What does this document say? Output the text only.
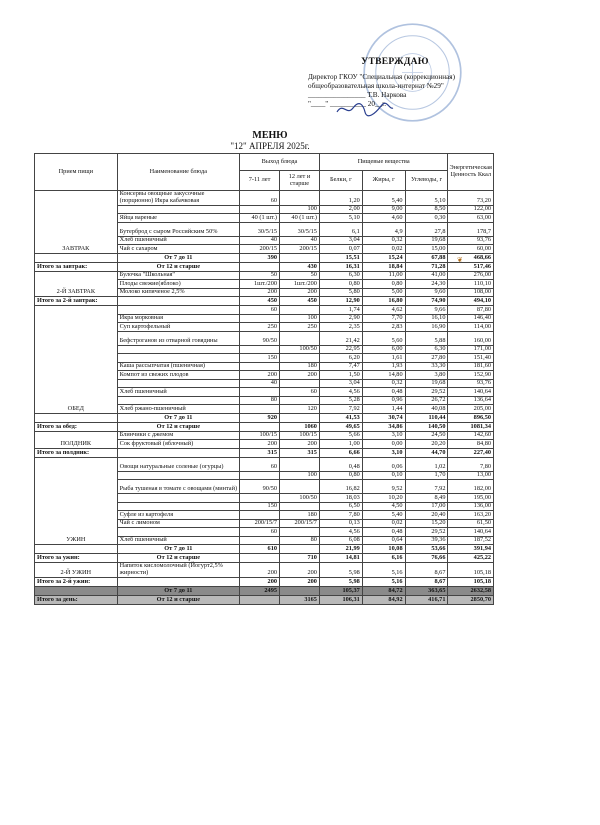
УТВЕРЖДАЮ
Директор ГКОУ "Специальная (коррекционная)
общеобразовательная школа-интернат №29"
________________ Т.В. Наркова
"____" __________ 20__г.
МЕНЮ
"12" АПРЕЛЯ 2025г.
❦
Прием пищи	Наименование блюда	Выход блюда		Пищевые вещества			Энергетическая Ценность Ккал
		7-11 лет	12 лет и старше	Белки, г	Жиры, г	Углеводы, г	
ЗАВТРАК	Консервы овощные закусочные (порционно) Икра кабачковая	60		1,20	5,40	5,10	73,20
			100	2,00	9,00	8,50	122,00
	Яйца вареные	40 (1 шт.)	40 (1 шт.)	5,10	4,60	0,30	63,00
	Бутерброд с сыром Российским 50%	30/5/15	30/5/15	6,1	4,9	27,8	178,7
	Хлеб пшеничный	40	40	3,04	0,32	19,68	93,76
	Чай с сахаром	200/15	200/15	0,07	0,02	15,00	60,00
	От 7 до 11	390		15,51	15,24	67,88	468,66
Итого за завтрак:	От 12 и старше		430	16,31	18,84	71,28	517,46
2-Й ЗАВТРАК	Булочка "Школьная"	50	50	6,30	11,00	41,00	276,00
	Плоды свежие(яблоко)	1шт./200	1шт./200	0,80	0,80	24,30	110,10
	Молоко кипяченое 2,5%	200	200	5,80	5,00	9,60	108,00
Итого за 2-й завтрак:		450	450	12,90	16,80	74,90	494,10
ОБЕД		60		1,74	4,62	9,66	87,80
	Икра морковная		100	2,90	7,70	16,10	146,40
	Суп картофельный	250	250	2,35	2,83	16,90	114,00
	Бефстроганов из отварной говядины	90/50		21,42	5,60	5,88	160,00
			100/50	22,95	6,00	6,30	171,00
		150		6,20	1,61	27,80	151,40
	Каша рассыпчатая (пшеничная)		180	7,47	1,93	33,30	181,60
	Компот из свежих плодов	200	200	1,50	14,80	3,80	152,90
		40		3,04	0,32	19,68	93,76
	Хлеб пшеничный		60	4,56	0,48	29,52	140,64
		80		5,28	0,96	26,72	136,64
	Хлеб ржано-пшеничный		120	7,92	1,44	40,08	205,00
	От 7 до 11	920		41,53	30,74	110,44	896,50
Итого за обед:	От 12 и старше		1060	49,65	34,86	140,50	1081,34
ПОЛДНИК	Блинчики с джемом	100/15	100/15	5,66	3,10	24,50	142,60
	Сок фруктовый (яблочный)	200	200	1,00	0,00	20,20	84,80
Итого за полдник:		315	315	6,66	3,10	44,70	227,40
УЖИН	Овощи натуральные соленые (огурцы)	60		0,48	0,06	1,02	7,80
			100	0,80	0,10	1,70	13,00
	Рыба тушеная в томате с овощами (минтай)	90/50		16,82	9,52	7,92	182,00
			100/50	18,03	10,20	8,49	195,00
		150		6,50	4,50	17,00	136,00
	Суфле из картофеля		180	7,80	5,40	20,40	163,20
	Чай с лимоном	200/15/7	200/15/7	0,13	0,02	15,20	61,50
		60		4,56	0,48	29,52	140,64
	Хлеб пшеничный		80	6,08	0,64	39,36	187,52
	От 7 до 11	610		21,99	10,08	53,66	391,94
Итого за ужин:	От 12 и старше		710	14,81	6,16	76,66	425,22
2-Й УЖИН	Напиток кисломолочный (Йогурт2,5% жирности)	200	200	5,98	5,16	8,67	105,18
Итого за 2-й ужин:		200	200	5,98	5,16	8,67	105,18
	От 7 до 11	2495		105,37	84,72	363,65	2632,58
Итого за день:	От 12 и старше		3165	106,31	84,92	416,71	2850,70
